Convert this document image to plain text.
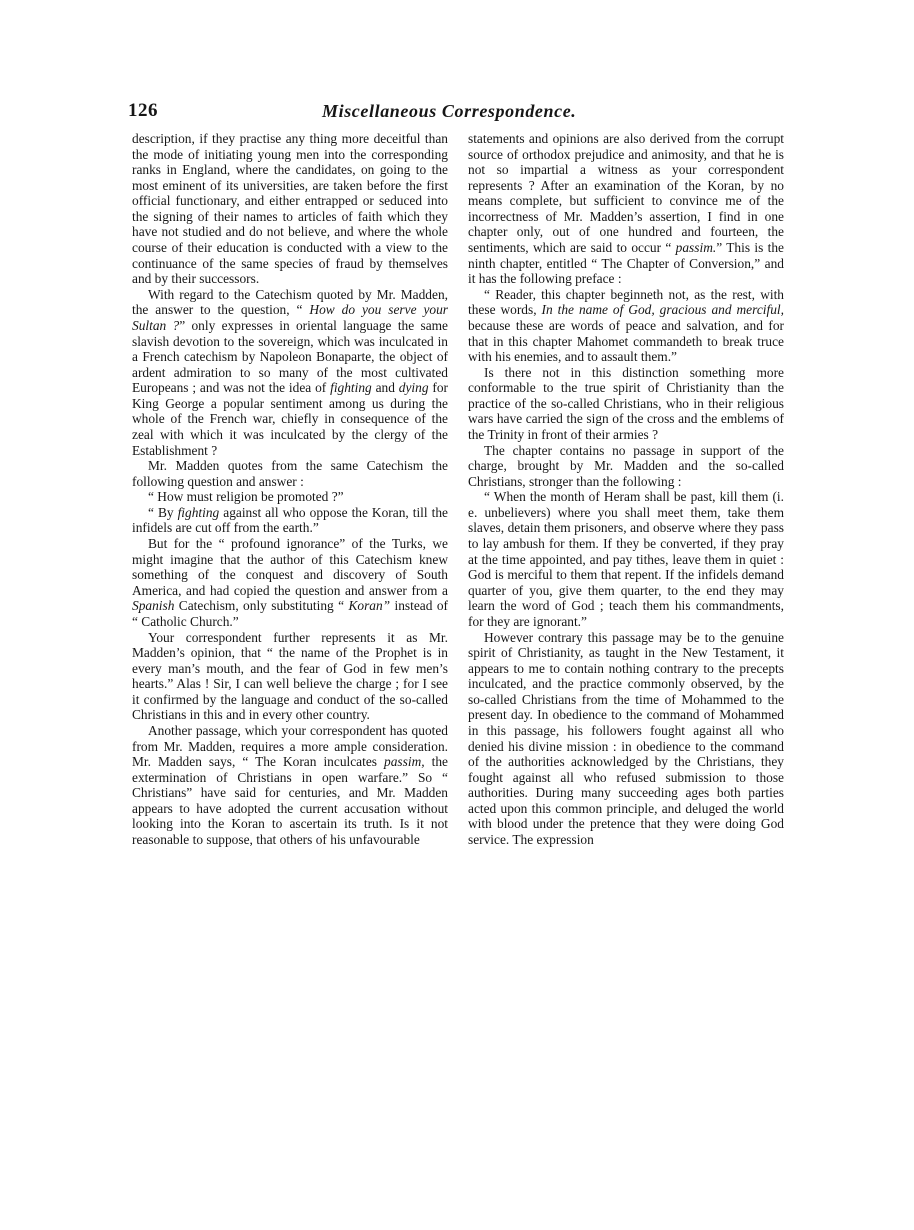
126	Miscellaneous Correspondence.

description, if they practise any thing more deceitful than the mode of initiating young men into the corresponding ranks in England, where the candidates, on going to the most eminent of its universities, are taken before the first official functionary, and either entrapped or seduced into the signing of their names to articles of faith which they have not studied and do not believe, and where the whole course of their education is conducted with a view to the continuance of the same species of fraud by themselves and by their successors.

With regard to the Catechism quoted by Mr. Madden, the answer to the question, “ How do you serve your Sultan ?” only expresses in oriental language the same slavish devotion to the sovereign, which was inculcated in a French catechism by Napoleon Bonaparte, the object of ardent admiration to so many of the most cultivated Europeans ; and was not the idea of fighting and dying for King George a popular sentiment among us during the whole of the French war, chiefly in consequence of the zeal with which it was inculcated by the clergy of the Establishment ?

Mr. Madden quotes from the same Catechism the following question and answer :

“ How must religion be promoted ?”

“ By fighting against all who oppose the Koran, till the infidels are cut off from the earth.”

But for the “ profound ignorance” of the Turks, we might imagine that the author of this Catechism knew something of the conquest and discovery of South America, and had copied the question and answer from a Spanish Catechism, only substituting “ Koran” instead of “ Catholic Church.”

Your correspondent further represents it as Mr. Madden’s opinion, that “ the name of the Prophet is in every man’s mouth, and the fear of God in few men’s hearts.” Alas ! Sir, I can well believe the charge ; for I see it confirmed by the language and conduct of the so-called Christians in this and in every other country.

Another passage, which your correspondent has quoted from Mr. Madden, requires a more ample consideration. Mr. Madden says, “ The Koran inculcates passim, the extermination of Christians in open warfare.” So “ Christians” have said for centuries, and Mr. Madden appears to have adopted the current accusation without looking into the Koran to ascertain its truth. Is it not reasonable to suppose, that others of his unfavourable

statements and opinions are also derived from the corrupt source of orthodox prejudice and animosity, and that he is not so impartial a witness as your correspondent represents ? After an examination of the Koran, by no means complete, but sufficient to convince me of the incorrectness of Mr. Madden’s assertion, I find in one chapter only, out of one hundred and fourteen, the sentiments, which are said to occur “ passim.” This is the ninth chapter, entitled “ The Chapter of Conversion,” and it has the following preface :

“ Reader, this chapter beginneth not, as the rest, with these words, In the name of God, gracious and merciful, because these are words of peace and salvation, and for that in this chapter Mahomet commandeth to break truce with his enemies, and to assault them.”

Is there not in this distinction something more conformable to the true spirit of Christianity than the practice of the so-called Christians, who in their religious wars have carried the sign of the cross and the emblems of the Trinity in front of their armies ?

The chapter contains no passage in support of the charge, brought by Mr. Madden and the so-called Christians, stronger than the following :

“ When the month of Heram shall be past, kill them (i. e. unbelievers) where you shall meet them, take them slaves, detain them prisoners, and observe where they pass to lay ambush for them. If they be converted, if they pray at the time appointed, and pay tithes, leave them in quiet : God is merciful to them that repent. If the infidels demand quarter of you, give them quarter, to the end they may learn the word of God ; teach them his commandments, for they are ignorant.”

However contrary this passage may be to the genuine spirit of Christianity, as taught in the New Testament, it appears to me to contain nothing contrary to the precepts inculcated, and the practice commonly observed, by the so-called Christians from the time of Mohammed to the present day. In obedience to the command of Mohammed in this passage, his followers fought against all who denied his divine mission : in obedience to the command of the authorities acknowledged by the Christians, they fought against all who refused submission to those authorities. During many succeeding ages both parties acted upon this common principle, and deluged the world with blood under the pretence that they were doing God service. The expression
